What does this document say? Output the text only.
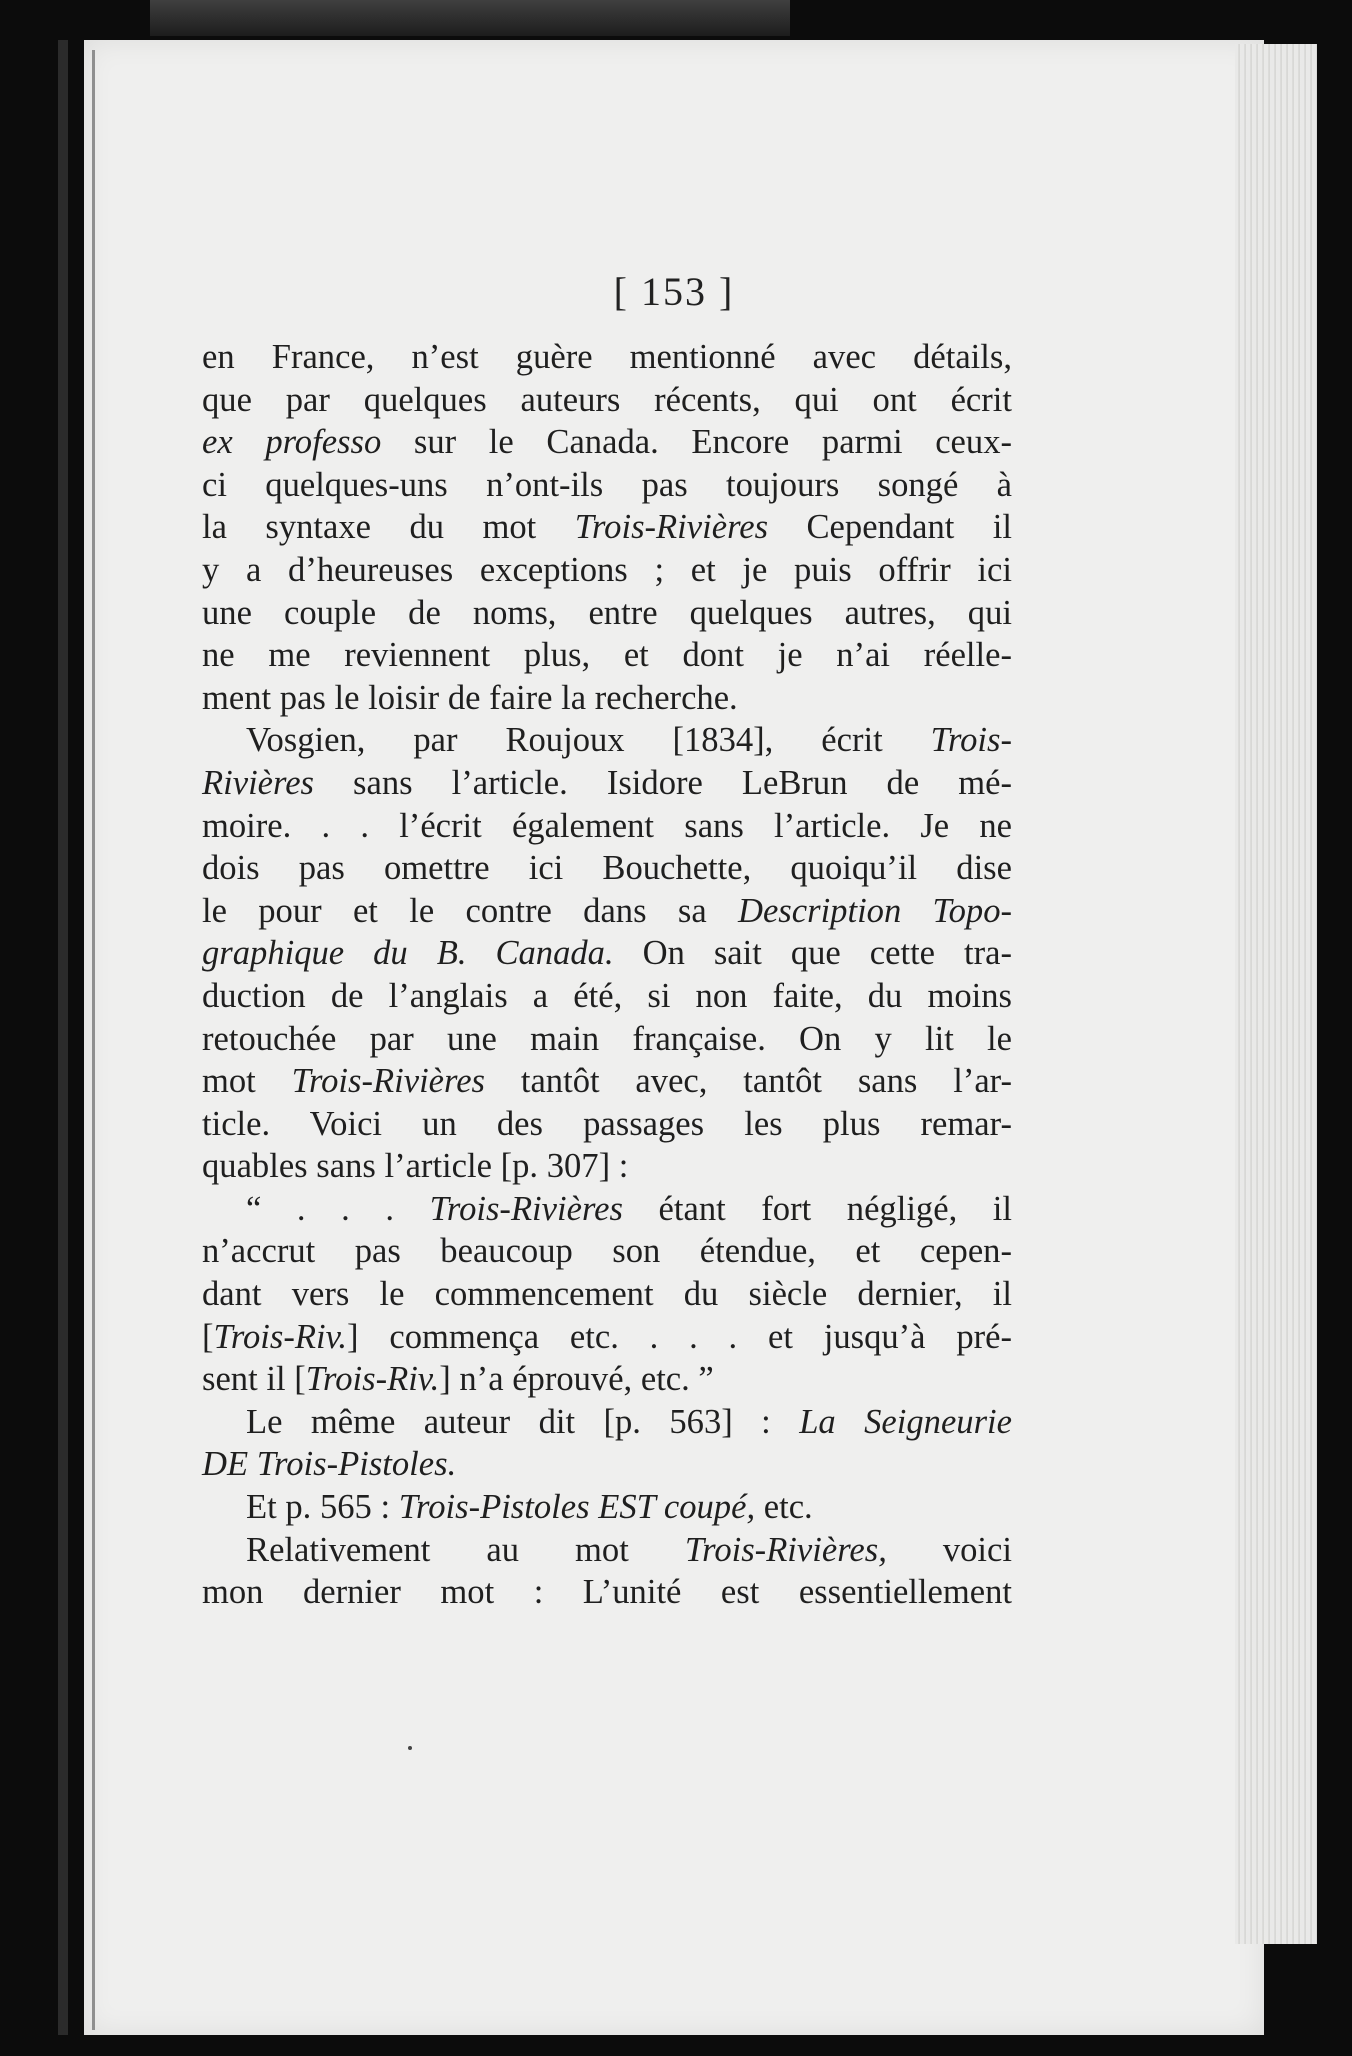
[ 153 ]
en France, n’est guère mentionné avec détails,
que par quelques auteurs récents, qui ont écrit
ex professo sur le Canada. Encore parmi ceux-
ci quelques-uns n’ont-ils pas toujours songé à
la syntaxe du mot Trois-Rivières Cependant il
y a d’heureuses exceptions ; et je puis offrir ici
une couple de noms, entre quelques autres, qui
ne me reviennent plus, et dont je n’ai réelle-
ment pas le loisir de faire la recherche.
Vosgien, par Roujoux [1834], écrit Trois-
Rivières sans l’article. Isidore LeBrun de mé-
moire. . . l’écrit également sans l’article. Je ne
dois pas omettre ici Bouchette, quoiqu’il dise
le pour et le contre dans sa Description Topo-
graphique du B. Canada. On sait que cette tra-
duction de l’anglais a été, si non faite, du moins
retouchée par une main française. On y lit le
mot Trois-Rivières tantôt avec, tantôt sans l’ar-
ticle. Voici un des passages les plus remar-
quables sans l’article [p. 307] :
“ . . . Trois-Rivières étant fort négligé, il
n’accrut pas beaucoup son étendue, et cepen-
dant vers le commencement du siècle dernier, il
[Trois-Riv.] commença etc. . . . et jusqu’à pré-
sent il [Trois-Riv.] n’a éprouvé, etc. ”
Le même auteur dit [p. 563] : La Seigneurie
DE Trois-Pistoles.
Et p. 565 : Trois-Pistoles EST coupé, etc.
Relativement au mot Trois-Rivières, voici
mon dernier mot : L’unité est essentiellement
